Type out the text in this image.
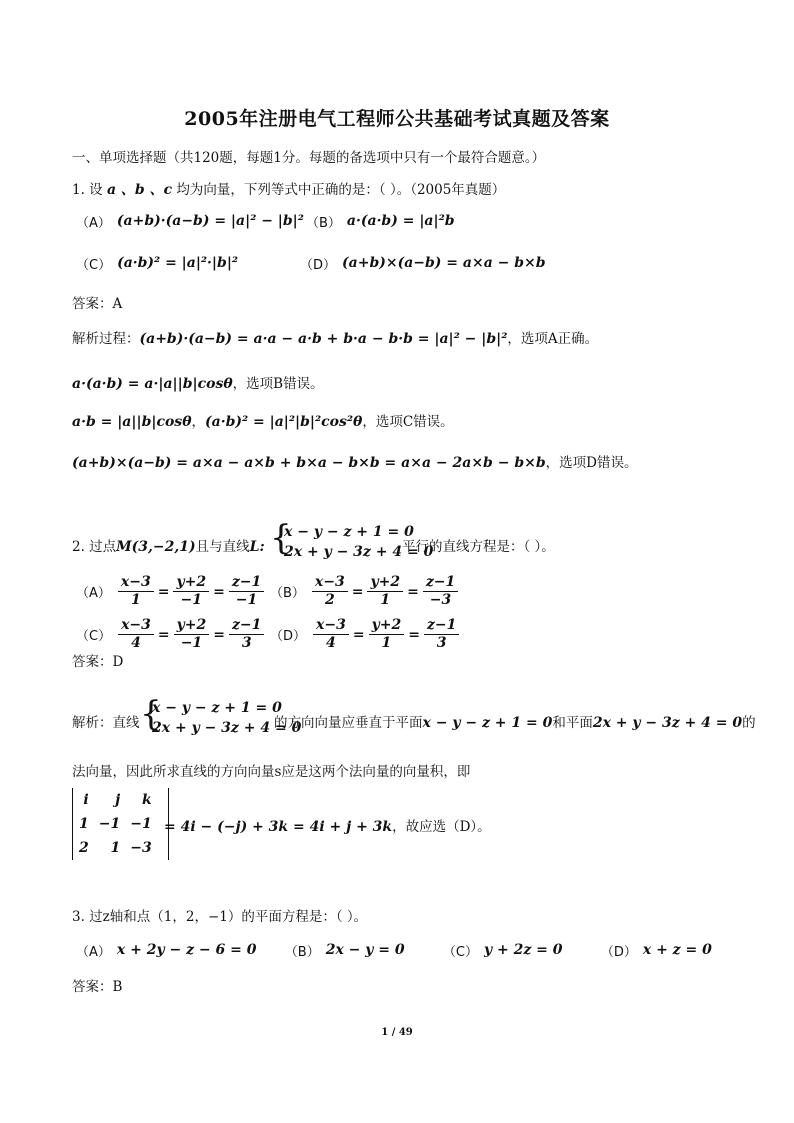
2005年注册电气工程师公共基础考试真题及答案
一、单项选择题（共120题，每题1分。每题的备选项中只有一个最符合题意。）
1. 设 a 、b 、c 均为向量，下列等式中正确的是：（ ）。（2005年真题）
（A） (a+b)·(a−b) = |a|² − |b|² （B） a·(a·b) = |a|²b
（C） (a·b)² = |a|²·|b|²	（D） (a+b)×(a−b) = a×a − b×b
答案：A
解析过程：(a+b)·(a−b) = a·a − a·b + b·a − b·b = |a|² − |b|²，选项A正确。
a·(a·b) = a·|a||b|cosθ，选项B错误。
a·b = |a||b|cosθ，(a·b)² = |a|²|b|²cos²θ，选项C错误。
(a+b)×(a−b) = a×a − a×b + b×a − b×b = a×a − 2a×b − b×b，选项D错误。
2. 过点M(3,−2,1)且与直线L: {
x − y − z + 1 = 0
2x + y − 3z + 4 = 0
平行的直线方程是：（ ）。
$(A) \frac{x-3}{1} = \frac{y+2}{-1} = \frac{z-1}{-1} (B) \frac{x-3}{2} = \frac{y+2}{1} = \frac{z-1}{-3}$
$(C) \frac{x-3}{4} = \frac{y+2}{-1} = \frac{z-1}{3} (D) \frac{x-3}{4} = \frac{y+2}{1} = \frac{z-1}{3}$
答案：D
解析：直线 {
x − y − z + 1 = 0
2x + y − 3z + 4 = 0
的方向向量应垂直于平面x − y − z + 1 = 0和平面2x + y − 3z + 4 = 0的
法向量，因此所求直线的方向向量s应是这两个法向量的向量积，即
i	j	k
1	−1	−1
2	1	−3
= 4i − (−j) + 3k = 4i + j + 3k，故应选（D）。
3. 过z轴和点（1，2，−1）的平面方程是：（ ）。
（A） x + 2y − z − 6 = 0 （B） 2x − y = 0	（C） y + 2z = 0	（D） x + z = 0
答案：B
1 / 49
